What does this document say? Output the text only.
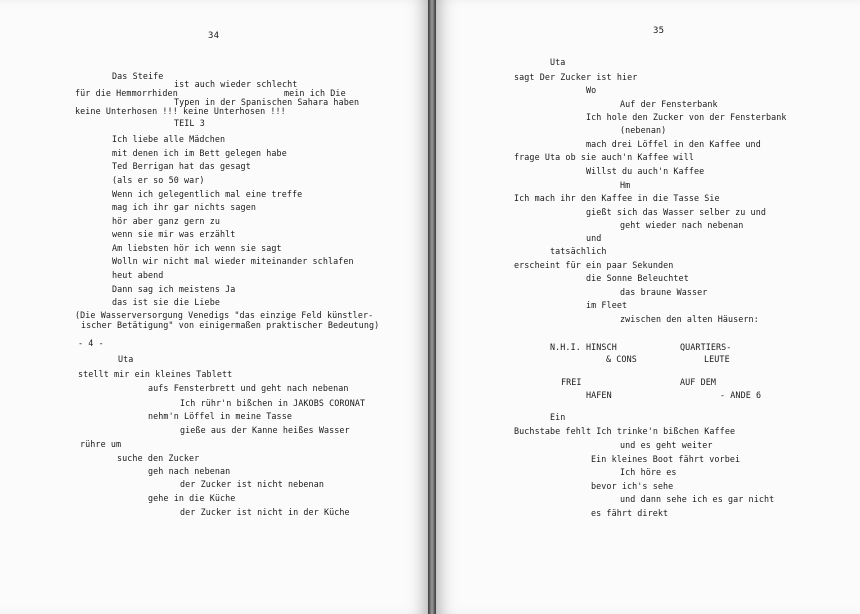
34
Das Steife
ist auch wieder schlecht
für die Hemmorrhiden	mein ich Die
Typen in der Spanischen Sahara haben
keine Unterhosen !!! keine Unterhosen !!!
TEIL 3
Ich liebe alle Mädchen
mit denen ich im Bett gelegen habe
Ted Berrigan hat das gesagt
(als er so 50 war)
Wenn ich gelegentlich mal eine treffe
mag ich ihr gar nichts sagen
hör aber ganz gern zu
wenn sie mir was erzählt
Am liebsten hör ich wenn sie sagt
Wolln wir nicht mal wieder miteinander schlafen
heut abend
Dann sag ich meistens Ja
das ist sie die Liebe
(Die Wasserversorgung Venedigs "das einzige Feld künstler-
ischer Betätigung" von einigermaßen praktischer Bedeutung)
- 4 -
Uta
stellt mir ein kleines Tablett
aufs Fensterbrett und geht nach nebenan
Ich rühr'n bißchen in JAKOBS CORONAT
nehm'n Löffel in meine Tasse
gieße aus der Kanne heißes Wasser
rühre um
suche den Zucker
geh nach nebenan
der Zucker ist nicht nebenan
gehe in die Küche
der Zucker ist nicht in der Küche
35
Uta
sagt Der Zucker ist hier
Wo
Auf der Fensterbank
Ich hole den Zucker von der Fensterbank
(nebenan)
mach drei Löffel in den Kaffee und
frage Uta ob sie auch'n Kaffee will
Willst du auch'n Kaffee
Hm
Ich mach ihr den Kaffee in die Tasse Sie
gießt sich das Wasser selber zu und
geht wieder nach nebenan
und
tatsächlich
erscheint für ein paar Sekunden
die Sonne Beleuchtet
das braune Wasser
im Fleet
zwischen den alten Häusern:
N.H.I. HINSCH	QUARTIERS-
& CONS	LEUTE
FREI	AUF DEM
HAFEN	- ANDE 6
Ein
Buchstabe fehlt Ich trinke'n bißchen Kaffee
und es geht weiter
Ein kleines Boot fährt vorbei
Ich höre es
bevor ich's sehe
und dann sehe ich es gar nicht
es fährt direkt
